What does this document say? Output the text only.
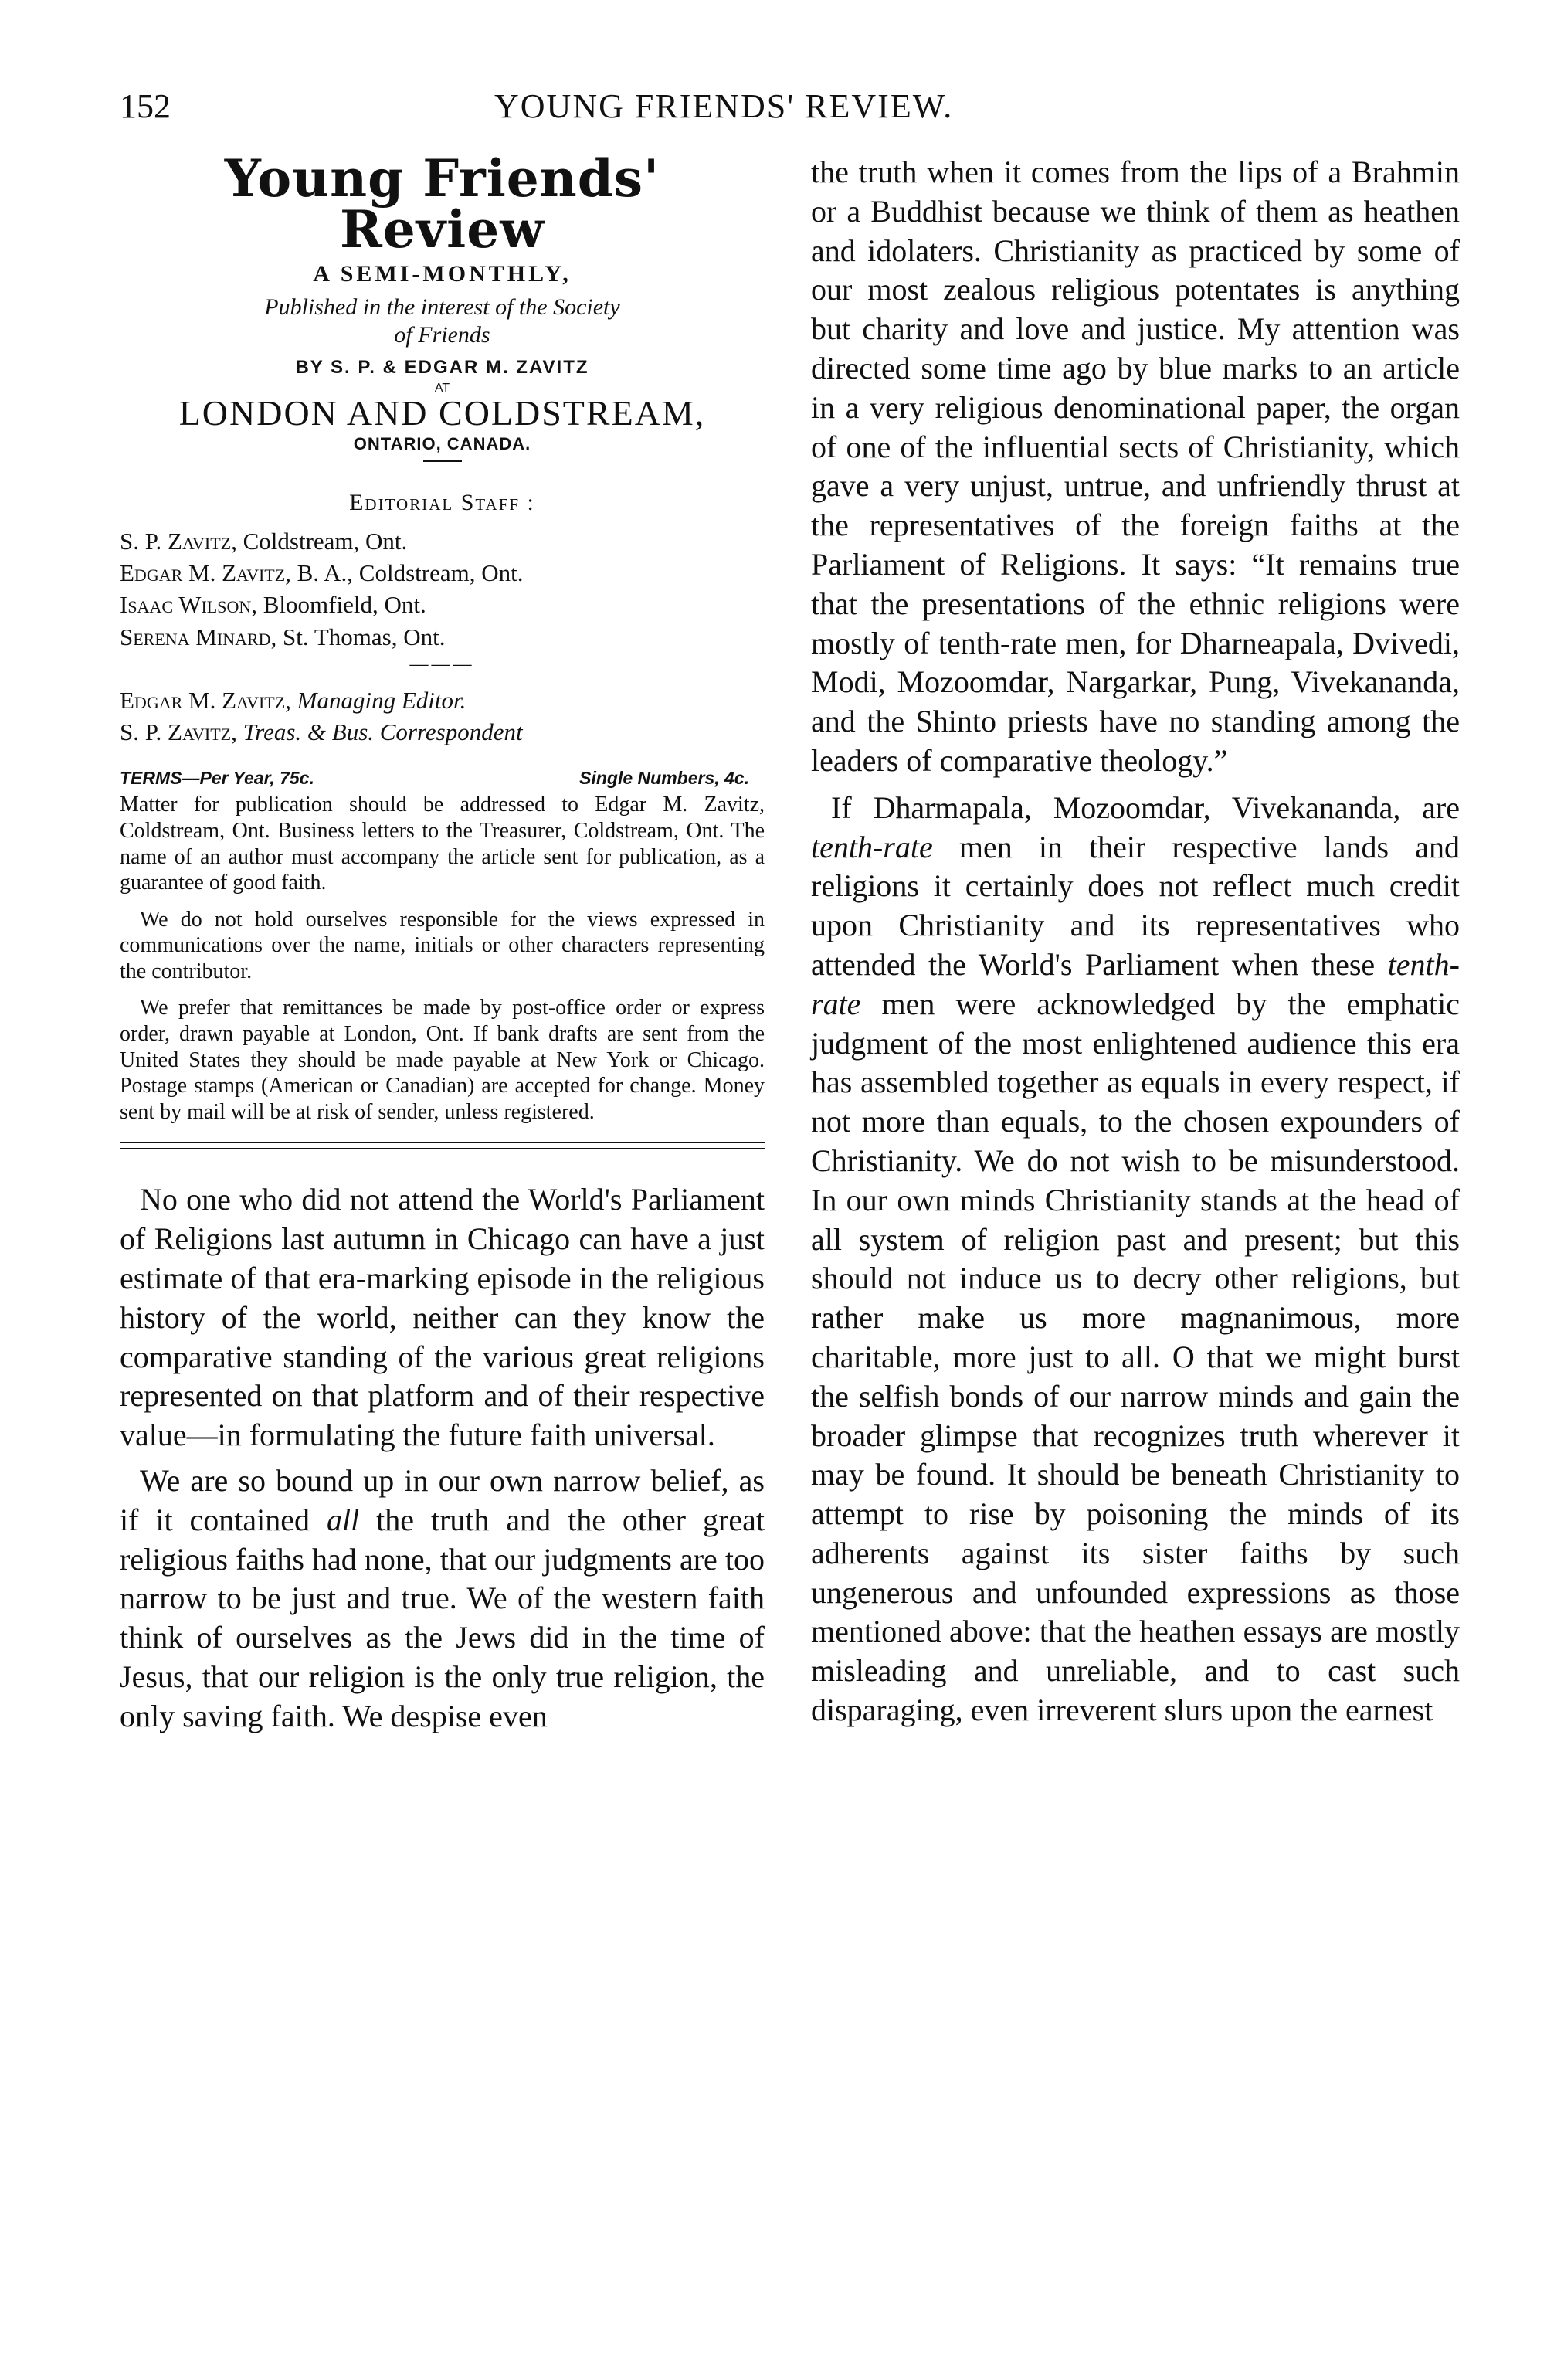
152	YOUNG FRIENDS' REVIEW.
Young Friends' Review
A SEMI-MONTHLY,
Published in the interest of the Society
of Friends
BY S. P. & EDGAR M. ZAVITZ
AT
LONDON AND COLDSTREAM,
ONTARIO, CANADA.
Editorial Staff :
S. P. Zavitz, Coldstream, Ont.
Edgar M. Zavitz, B. A., Coldstream, Ont.
Isaac Wilson, Bloomfield, Ont.
Serena Minard, St. Thomas, Ont.
———
Edgar M. Zavitz, Managing Editor.
S. P. Zavitz, Treas. & Bus. Correspondent
TERMS—Per Year, 75c.	Single Numbers, 4c.

Matter for publication should be addressed to Edgar M. Zavitz, Coldstream, Ont. Business letters to the Treasurer, Coldstream, Ont. The name of an author must accompany the article sent for publication, as a guarantee of good faith.

We do not hold ourselves responsible for the views expressed in communications over the name, initials or other characters representing the contributor.

We prefer that remittances be made by post-office order or express order, drawn payable at London, Ont. If bank drafts are sent from the United States they should be made payable at New York or Chicago. Postage stamps (American or Canadian) are accepted for change. Money sent by mail will be at risk of sender, unless registered.

No one who did not attend the World's Parliament of Religions last autumn in Chicago can have a just estimate of that era-marking episode in the religious history of the world, neither can they know the comparative standing of the various great religions represented on that platform and of their respective value—in formulating the future faith universal.

We are so bound up in our own narrow belief, as if it contained all the truth and the other great religious faiths had none, that our judgments are too narrow to be just and true. We of the western faith think of ourselves as the Jews did in the time of Jesus, that our religion is the only true religion, the only saving faith. We despise even

the truth when it comes from the lips of a Brahmin or a Buddhist because we think of them as heathen and idolaters. Christianity as practiced by some of our most zealous religious potentates is anything but charity and love and justice. My attention was directed some time ago by blue marks to an article in a very religious denominational paper, the organ of one of the influential sects of Christianity, which gave a very unjust, untrue, and unfriendly thrust at the representatives of the foreign faiths at the Parliament of Religions. It says: “It remains true that the presentations of the ethnic religions were mostly of tenth-rate men, for Dharneapala, Dvivedi, Modi, Mozoomdar, Nargarkar, Pung, Vivekananda, and the Shinto priests have no standing among the leaders of comparative theology.”

If Dharmapala, Mozoomdar, Vivekananda, are tenth-rate men in their respective lands and religions it certainly does not reflect much credit upon Christianity and its representatives who attended the World's Parliament when these tenth-rate men were acknowledged by the emphatic judgment of the most enlightened audience this era has assembled together as equals in every respect, if not more than equals, to the chosen expounders of Christianity. We do not wish to be misunderstood. In our own minds Christianity stands at the head of all system of religion past and present; but this should not induce us to decry other religions, but rather make us more magnanimous, more charitable, more just to all. O that we might burst the selfish bonds of our narrow minds and gain the broader glimpse that recognizes truth wherever it may be found. It should be beneath Christianity to attempt to rise by poisoning the minds of its adherents against its sister faiths by such ungenerous and unfounded expressions as those mentioned above: that the heathen essays are mostly misleading and unreliable, and to cast such disparaging, even irreverent slurs upon the earnest
